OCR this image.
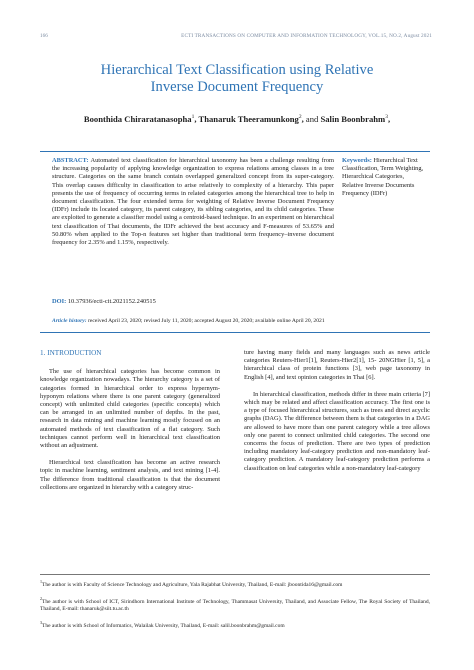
166	ECTI TRANSACTIONS ON COMPUTER AND INFORMATION TECHNOLOGY, VOL.15, NO.2, August 2021
Hierarchical Text Classification using Relative
Inverse Document Frequency
Boonthida Chiraratanasopha$^1$, Thanaruk Theeramunkong$^2$, and Salin Boonbrahm$^3$,
ABSTRACT: Automated text classification for hierarchical taxonomy has been a challenge resulting from the increasing popularity of applying knowledge organization to express relations among classes in a tree structure. Categories on the same branch contain overlapped generalized concept from its super-category. This overlap causes difficulty in classification to arise relatively to complexity of a hierarchy. This paper presents the use of frequency of occurring terms in related categories among the hierarchical tree to help in document classification. The four extended terms for weighting of Relative Inverse Document Frequency (IDFr) include its located category, its parent category, its sibling categories, and its child categories. These are exploited to generate a classifier model using a centroid-based technique. In an experiment on hierarchical text classification of Thai documents, the IDFr achieved the best accuracy and F-measures of 53.65% and 50.80% when applied to the Top-n features set higher than traditional term frequency–inverse document frequency for 2.35% and 1.15%, respectively.
Keywords: Hierarchical Text Classification, Term Weighting, Hierarchical Categories, Relative Inverse Documents Frequency (IDFr)
DOI: 10.37936/ecti-cit.2021152.240515
Article history: received April 23, 2020; revised July 11, 2020; accepted August 20, 2020; available online April 20, 2021
1. INTRODUCTION

The use of hierarchical categories has become common in knowledge organization nowadays. The hierarchy category is a set of categories formed in hierarchical order to express hypernym-hyponym relations where there is one parent category (generalized concept) with unlimited child categories (specific concepts) which can be arranged in an unlimited number of depths. In the past, research in data mining and machine learning mostly focused on an automated methods of text classification of a flat category. Such techniques cannot perform well in hierarchical text classification without an adjustment.

Hierarchical text classification has become an active research topic in machine learning, sentiment analysis, and text mining [1-4]. The difference from traditional classification is that the document collections are organized in hierarchy with a category struc-

ture having many fields and many languages such as news article categories Reuters-Hier1[1], Reuters-Hier2[1], 15- 20NGHier [1, 5], a hierarchical class of protein functions [3], web page taxonomy in English [4], and text opinion categories in Thai [6].

In hierarchical classification, methods differ in three main criteria [7] which may be related and affect classification accuracy. The first one is a type of focused hierarchical structures, such as trees and direct acyclic graphs (DAG). The difference between them is that categories in a DAG are allowed to have more than one parent category while a tree allows only one parent to connect unlimited child categories. The second one concerns the focus of prediction. There are two types of prediction including mandatory leaf-category prediction and non-mandatory leaf-category prediction. A mandatory leaf-category prediction performs a classification on leaf categories while a non-mandatory leaf-category

$^1$The author is with Faculty of Science Technology and Agriculture, Yala Rajabhat University, Thailand, E-mail: jboontida16@gmail.com

$^2$The author is with School of ICT, Sirindhorn International Institute of Technology, Thammasat University, Thailand, and Associate Fellow, The Royal Society of Thailand, Thailand, E-mail: thanaruk@siit.tu.ac.th

$^3$The author is with School of Informatics, Walailak University, Thailand, E-mail: salil.boonbrahm@gmail.com
